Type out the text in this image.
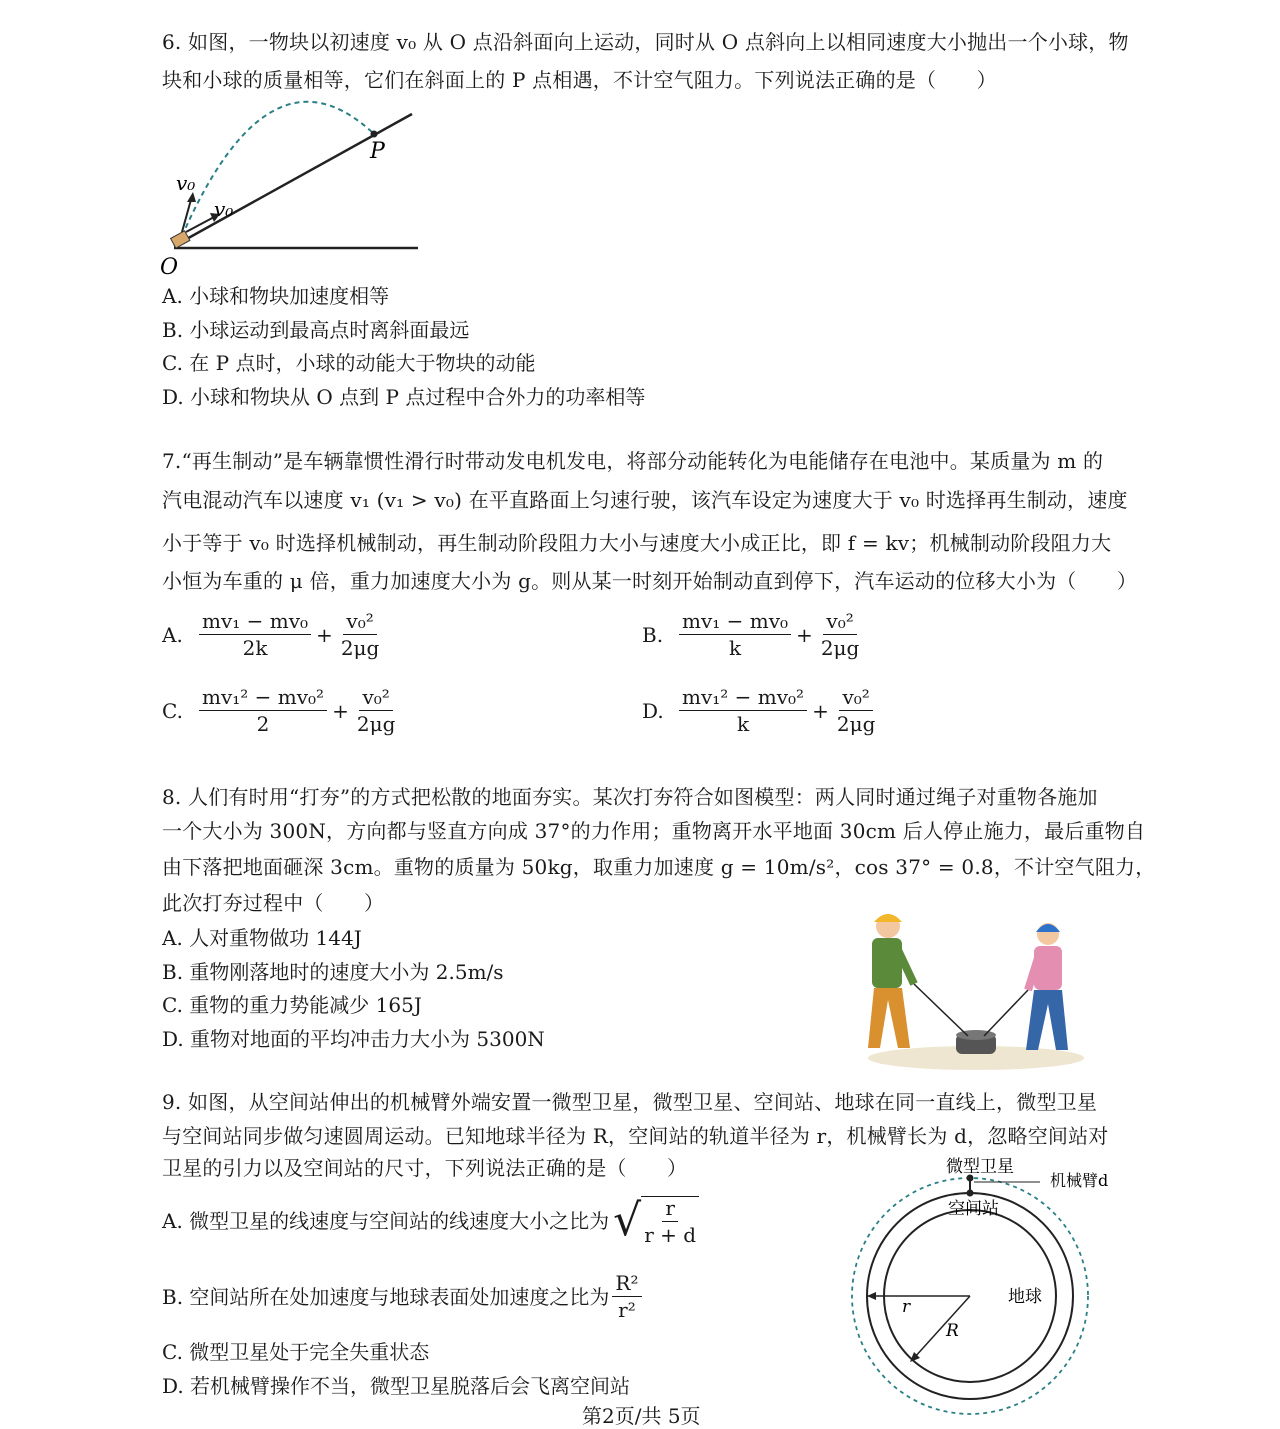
6. 如图，一物块以初速度 v₀ 从 O 点沿斜面向上运动，同时从 O 点斜向上以相同速度大小抛出一个小球，物
块和小球的质量相等，它们在斜面上的 P 点相遇，不计空气阻力。下列说法正确的是（　　）
P
O
v₀
v₀
A. 小球和物块加速度相等
B. 小球运动到最高点时离斜面最远
C. 在 P 点时，小球的动能大于物块的动能
D. 小球和物块从 O 点到 P 点过程中合外力的功率相等
7.“再生制动”是车辆靠惯性滑行时带动发电机发电，将部分动能转化为电能储存在电池中。某质量为 m 的
汽电混动汽车以速度 v₁ (v₁ > v₀) 在平直路面上匀速行驶，该汽车设定为速度大于 v₀ 时选择再生制动，速度
小于等于 v₀ 时选择机械制动，再生制动阶段阻力大小与速度大小成正比，即 f = kv；机械制动阶段阻力大
小恒为车重的 μ 倍，重力加速度大小为 g。则从某一时刻开始制动直到停下，汽车运动的位移大小为（　　）
A. $\frac{\text{mv₁ − mv₀}}{2k} + \frac{\text{v₀²}}{2\mu g}$	B. $\frac{\text{mv₁ − mv₀}}{k} + \frac{\text{v₀²}}{2\mu g}$
C. $\frac{\text{mv₁² − mv₀²}}{2} + \frac{\text{v₀²}}{2\mu g}$	D. $\frac{\text{mv₁² − mv₀²}}{k} + \frac{\text{v₀²}}{2\mu g}$
8. 人们有时用“打夯”的方式把松散的地面夯实。某次打夯符合如图模型：两人同时通过绳子对重物各施加
一个大小为 300N，方向都与竖直方向成 37°的力作用；重物离开水平地面 30cm 后人停止施力，最后重物自
由下落把地面砸深 3cm。重物的质量为 50kg，取重力加速度 g = 10m/s²，cos 37° = 0.8，不计空气阻力，
此次打夯过程中（　　）
A. 人对重物做功 144J
B. 重物刚落地时的速度大小为 2.5m/s
C. 重物的重力势能减少 165J
D. 重物对地面的平均冲击力大小为 5300N
9. 如图，从空间站伸出的机械臂外端安置一微型卫星，微型卫星、空间站、地球在同一直线上，微型卫星
与空间站同步做匀速圆周运动。已知地球半径为 R，空间站的轨道半径为 r，机械臂长为 d，忽略空间站对
卫星的引力以及空间站的尺寸，下列说法正确的是（　　）
A. 微型卫星的线速度与空间站的线速度大小之比为 √ $\frac{r}{r + d}$
B. 空间站所在处加速度与地球表面处加速度之比为 $\frac{\text{R²}}{\text{r²}}$
C. 微型卫星处于完全失重状态
D. 若机械臂操作不当，微型卫星脱落后会飞离空间站
微型卫星
机械臂d
空间站
地球
r
R
第2页/共 5页
